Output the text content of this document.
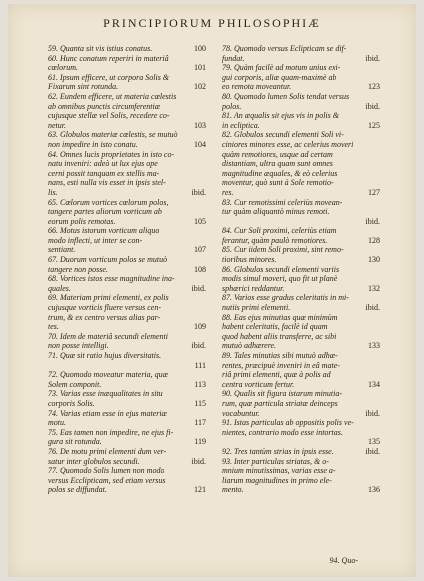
PRINCIPIORUM PHILOSOPHIÆ
59. Quanta sit vis istius conatus.	100
60. Hunc conatum reperiri in materiâ
cœlorum.	101
61. Ipsum efficere, ut corpora Solis &
Fixarum sint rotunda.	102
62. Eundem efficere, ut materia cœlestis
ab omnibus punctis circumferentiæ
cujusque stellæ vel Solis, recedere co-
netur.	103
63. Globulos materiæ cœlestis, se mutuò
non impedire in isto conatu.	104
64. Omnes lucis proprietates in isto co-
natu inveniri: adeò ut lux ejus ope
cerni possit tanquam ex stellis ma-
nans, esti nulla vis esset in ipsis stel-
lis.	ibid.
65. Cœlorum vortices cœlorum polos,
tangere partes aliorum vorticum ab
eorum polis remotas.	105
66. Motus istorum vorticum aliquo
modo inflecti, ut inter se con-
sentiant.	107
67. Duorum vorticum polos se mutuò
tangere non posse.	108
68. Vortices istos esse magnitudine ina-
quales.	ibid.
69. Materiam primi elementi, ex polis
cujusque vorticis fluere versus cen-
trum, & ex centro versus alias par-
tes.	109
70. Idem de materiâ secundi elementi
non posse intelligi.	ibid.
71. Quæ sit ratio hujus diversitatis.
111
72. Quomodo moveatur materia, quæ
Solem componit.	113
73. Varias esse inæqualitates in situ
corporis Solis.	115
74. Varias etiam esse in ejus materiæ
motu.	117
75. Eas tamen non impedire, ne ejus fi-
gura sit rotunda.	119
76. De motu primi elementi dum ver-
satur inter globulos secundi.	ibid.
77. Quomodo Solis lumen non modo
versus Ecclipticam, sed etiam versus
polos se diffundat.	121
78. Quomodo versus Eclipticam se dif-
fundat.	ibid.
79. Quàm facilè ad motum unius exi-
gui corporis, aliæ quam-maximè ab
eo remota moveantur.	123
80. Quomodo lumen Solis tendat versus
polos.	ibid.
81. An æqualis sit ejus vis in polis &
in ecliptica.	125
82. Globulos secundi elementi Soli vi-
ciniores minores esse, ac celerius moveri
quàm remotiores, usque ad certam
distantiam, ultra quam sunt omnes
magnitudine æquales, & eò celerius
moventur, quò sunt à Sole remotio-
res.	127
83. Cur remotissimi celeriùs movean-
tur quàm aliquantò minus remoti.
ibid.
84. Cur Soli proximi, celeriùs etiam
ferantur, quàm paulò remotiores.	128
85. Cur iidem Soli proximi, sint remo-
tioribus minores.	130
86. Globulos secundi elementi variis
modis simul moveri, quo fit ut planè
sphærici reddantur.	132
87. Varios esse gradus celeritatis in mi-
nutiis primi elementi.	ibid.
88. Eas ejus minutias quæ minimùm
habent celeritatis, facilè id quam
quod habent aliis transferre, ac sibi
mutuò adhærere.	133
89. Tales minutias sibi mutuò adhæ-
rentes, præcipuè inveniri in eâ mate-
riâ primi elementi, quæ à polis ad
centra vorticum fertur.	134
90. Qualis sit figura istarum minutia-
rum, quæ particula striatæ deinceps
vocabuntur.	ibid.
91. Istas particulas ab oppositis polis ve-
nientes, contrario modo esse intortas.
135
92. Tres tantùm strias in ipsis esse.	ibid.
93. Inter particulas striatas, & o-
mnium minutissimas, varias esse a-
liarum magnitudines in primo ele-
mento.	136
94. Quo-
